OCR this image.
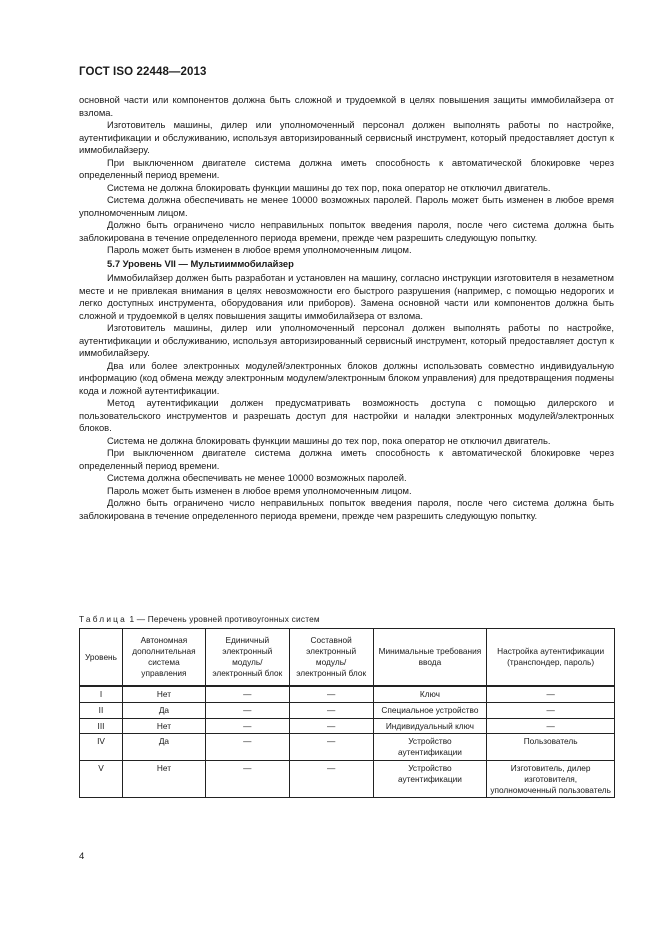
ГОСТ ISO 22448—2013

основной части или компонентов должна быть сложной и трудоемкой в целях повышения защиты иммобилайзера от взлома.

Изготовитель машины, дилер или уполномоченный персонал должен выполнять работы по настройке, аутентификации и обслуживанию, используя авторизированный сервисный инструмент, который предоставляет доступ к иммобилайзеру.

При выключенном двигателе система должна иметь способность к автоматической блокировке через определенный период времени.

Система не должна блокировать функции машины до тех пор, пока оператор не отключил двигатель.

Система должна обеспечивать не менее 10000 возможных паролей. Пароль может быть изменен в любое время уполномоченным лицом.

Должно быть ограничено число неправильных попыток введения пароля, после чего система должна быть заблокирована в течение определенного периода времени, прежде чем разрешить следующую попытку.

Пароль может быть изменен в любое время уполномоченным лицом.

5.7 Уровень VII — Мультииммобилайзер

Иммобилайзер должен быть разработан и установлен на машину, согласно инструкции изготовителя в незаметном месте и не привлекая внимания в целях невозможности его быстрого разрушения (например, с помощью недорогих и легко доступных инструмента, оборудования или приборов). Замена основной части или компонентов должна быть сложной и трудоемкой в целях повышения защиты иммобилайзера от взлома.

Изготовитель машины, дилер или уполномоченный персонал должен выполнять работы по настройке, аутентификации и обслуживанию, используя авторизированный сервисный инструмент, который предоставляет доступ к иммобилайзеру.

Два или более электронных модулей/электронных блоков должны использовать совместно индивидуальную информацию (код обмена между электронным модулем/электронным блоком управления) для предотвращения подмены кода и ложной аутентификации.

Метод аутентификации должен предусматривать возможность доступа с помощью дилерского и пользовательского инструментов и разрешать доступ для настройки и наладки электронных модулей/электронных блоков.

Система не должна блокировать функции машины до тех пор, пока оператор не отключил двигатель.

При выключенном двигателе система должна иметь способность к автоматической блокировке через определенный период времени.

Система должна обеспечивать не менее 10000 возможных паролей.

Пароль может быть изменен в любое время уполномоченным лицом.

Должно быть ограничено число неправильных попыток введения пароля, после чего система должна быть заблокирована в течение определенного периода времени, прежде чем разрешить следующую попытку.

Таблица 1 — Перечень уровней противоугонных систем
Уровень	Автономная дополнительная система управления	Единичный электронный модуль/ электронный блок	Составной электронный модуль/ электронный блок	Минимальные требования ввода	Настройка аутентификации (транспондер, пароль)
I	Нет	—	—	Ключ	—
II	Да	—	—	Специальное устройство	—
III	Нет	—	—	Индивидуальный ключ	—
IV	Да	—	—	Устройство аутентификации	Пользователь
V	Нет	—	—	Устройство аутентификации	Изготовитель, дилер изготовителя, уполномоченный пользователь
4
